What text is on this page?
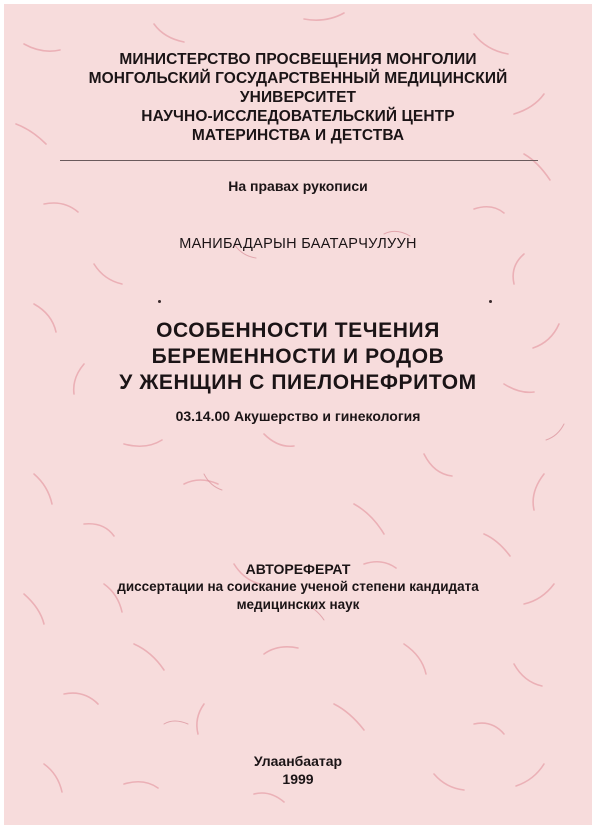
МИНИСТЕРСТВО ПРОСВЕЩЕНИЯ МОНГОЛИИ
МОНГОЛЬСКИЙ ГОСУДАРСТВЕННЫЙ МЕДИЦИНСКИЙ
УНИВЕРСИТЕТ
НАУЧНО-ИССЛЕДОВАТЕЛЬСКИЙ ЦЕНТР
МАТЕРИНСТВА И ДЕТСТВА
На правах рукописи
МАНИБАДАРЫН БААТАРЧУЛУУН
ОСОБЕННОСТИ ТЕЧЕНИЯ
БЕРЕМЕННОСТИ И РОДОВ
У ЖЕНЩИН С ПИЕЛОНЕФРИТОМ
03.14.00 Акушерство и гинекология
АВТОРЕФЕРАТ
диссертации на соискание ученой степени кандидата
медицинских наук
Улаанбаатар
1999
